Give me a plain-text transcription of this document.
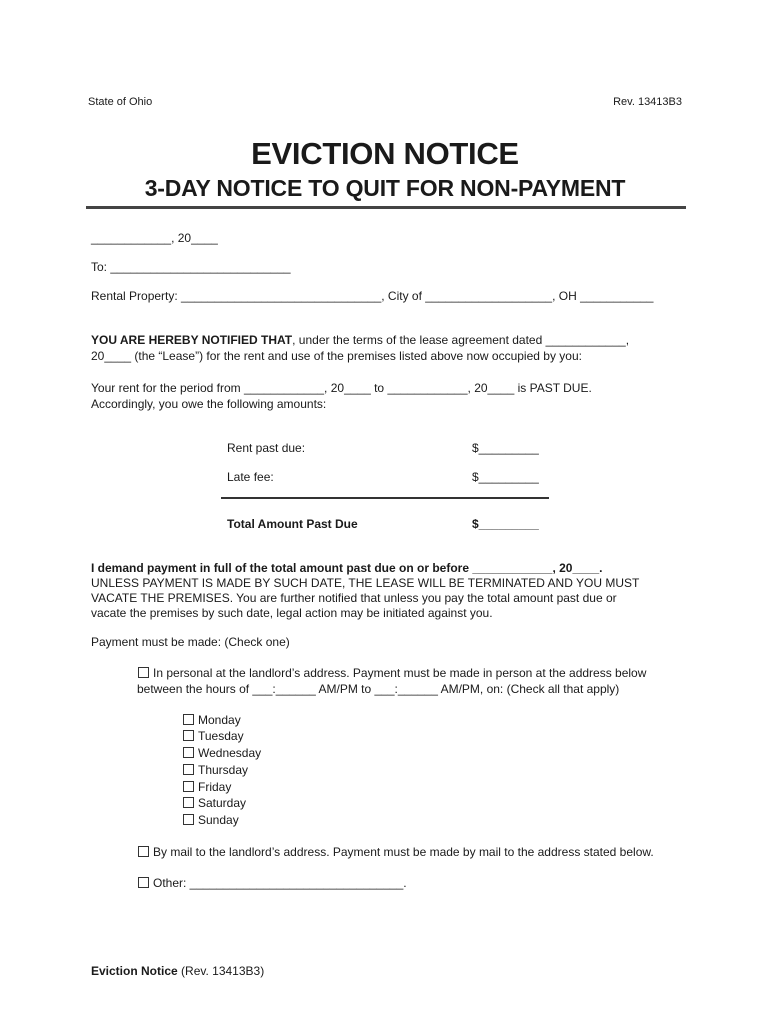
State of Ohio	Rev. 13413B3
EVICTION NOTICE
3-DAY NOTICE TO QUIT FOR NON-PAYMENT
____________, 20____
To: ___________________________
Rental Property: ______________________________, City of ___________________, OH ___________
YOU ARE HEREBY NOTIFIED THAT, under the terms of the lease agreement dated ____________,
20____ (the “Lease”) for the rent and use of the premises listed above now occupied by you:
Your rent for the period from ____________, 20____ to ____________, 20____ is PAST DUE.
Accordingly, you owe the following amounts:
Rent past due:	$_________
Late fee:	$_________
Total Amount Past Due	$_________
I demand payment in full of the total amount past due on or before ____________, 20____.
UNLESS PAYMENT IS MADE BY SUCH DATE, THE LEASE WILL BE TERMINATED AND YOU MUST
VACATE THE PREMISES. You are further notified that unless you pay the total amount past due or
vacate the premises by such date, legal action may be initiated against you.
Payment must be made: (Check one)
In personal at the landlord’s address. Payment must be made in person at the address below
between the hours of ___:______ AM/PM to ___:______ AM/PM, on: (Check all that apply)
Monday
Tuesday
Wednesday
Thursday
Friday
Saturday
Sunday
By mail to the landlord’s address. Payment must be made by mail to the address stated below.
Other: ________________________________.
Eviction Notice (Rev. 13413B3)
